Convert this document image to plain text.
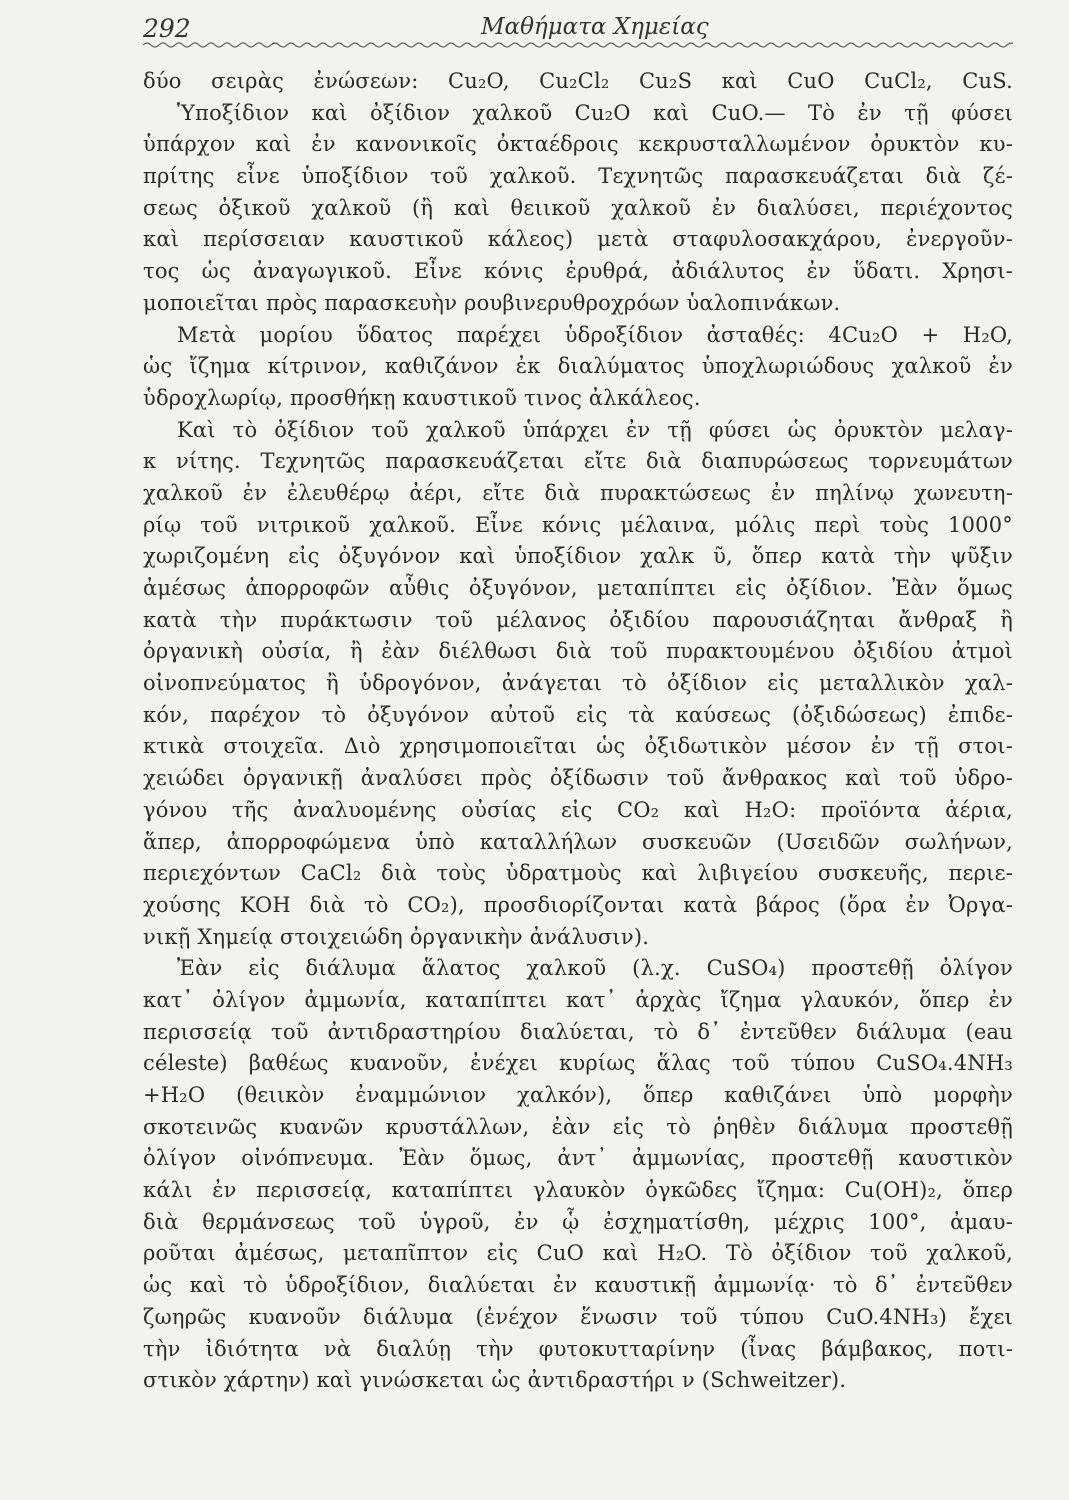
292	Μαθήματα Χημείας
δύο σειρὰς ἐνώσεων: Cu₂O, Cu₂Cl₂ Cu₂S καὶ CuO CuCl₂, CuS.
Ὑποξίδιον καὶ ὀξίδιον χαλκοῦ Cu₂O καὶ CuO.— Τὸ ἐν τῇ φύσει
ὑπάρχον καὶ ἐν κανονικοῖς ὀκταέδροις κεκρυσταλλωμένον ὀρυκτὸν κυ-
πρίτης εἶνε ὑποξίδιον τοῦ χαλκοῦ. Τεχνητῶς παρασκευάζεται διὰ ζέ-
σεως ὀξικοῦ χαλκοῦ (ἢ καὶ θειικοῦ χαλκοῦ ἐν διαλύσει, περιέχοντος
καὶ περίσσειαν καυστικοῦ κάλεος) μετὰ σταφυλοσακχάρου, ἐνεργοῦν-
τος ὡς ἀναγωγικοῦ. Εἶνε κόνις ἐρυθρά, ἀδιάλυτος ἐν ὕδατι. Χρησι-
μοποιεῖται πρὸς παρασκευὴν ρουβινερυθροχρόων ὑαλοπινάκων.
Μετὰ μορίου ὕδατος παρέχει ὑδροξίδιον ἀσταθές: 4Cu₂O + H₂O,
ὡς ἴζημα κίτρινον, καθιζάνον ἐκ διαλύματος ὑποχλωριώδους χαλκοῦ ἐν
ὑδροχλωρίῳ, προσθήκῃ καυστικοῦ τινος ἀλκάλεος.
Καὶ τὸ ὀξίδιον τοῦ χαλκοῦ ὑπάρχει ἐν τῇ φύσει ὡς ὀρυκτὸν μελαγ-
κ νίτης. Τεχνητῶς παρασκευάζεται εἴτε διὰ διαπυρώσεως τορνευμάτων
χαλκοῦ ἐν ἐλευθέρῳ ἀέρι, εἴτε διὰ πυρακτώσεως ἐν πηλίνῳ χωνευτη-
ρίῳ τοῦ νιτρικοῦ χαλκοῦ. Εἶνε κόνις μέλαινα, μόλις περὶ τοὺς 1000°
χωριζομένη εἰς ὀξυγόνον καὶ ὑποξίδιον χαλκ ῦ, ὅπερ κατὰ τὴν ψῦξιν
ἀμέσως ἀπορροφῶν αὖθις ὀξυγόνον, μεταπίπτει εἰς ὀξίδιον. Ἐὰν ὅμως
κατὰ τὴν πυράκτωσιν τοῦ μέλανος ὀξιδίου παρουσιάζηται ἄνθραξ ἢ
ὀργανικὴ οὐσία, ἢ ἐὰν διέλθωσι διὰ τοῦ πυρακτουμένου ὀξιδίου ἀτμοὶ
οἰνοπνεύματος ἢ ὑδρογόνον, ἀνάγεται τὸ ὀξίδιον εἰς μεταλλικὸν χαλ-
κόν, παρέχον τὸ ὀξυγόνον αὐτοῦ εἰς τὰ καύσεως (ὀξιδώσεως) ἐπιδε-
κτικὰ στοιχεῖα. Διὸ χρησιμοποιεῖται ὡς ὀξιδωτικὸν μέσον ἐν τῇ στοι-
χειώδει ὀργανικῇ ἀναλύσει πρὸς ὀξίδωσιν τοῦ ἄνθρακος καὶ τοῦ ὑδρο-
γόνου τῆς ἀναλυομένης οὐσίας εἰς CO₂ καὶ H₂O: προϊόντα ἀέρια,
ἅπερ, ἀπορροφώμενα ὑπὸ καταλλήλων συσκευῶν (Uσειδῶν σωλήνων,
περιεχόντων CaCl₂ διὰ τοὺς ὑδρατμοὺς καὶ λιβιγείου συσκευῆς, περιε-
χούσης KOH διὰ τὸ CO₂), προσδιορίζονται κατὰ βάρος (ὅρα ἐν Ὀργα-
νικῇ Χημείᾳ στοιχειώδη ὀργανικὴν ἀνάλυσιν).
Ἐὰν εἰς διάλυμα ἅλατος χαλκοῦ (λ.χ. CuSO₄) προστεθῇ ὀλίγον
κατ᾽ ὀλίγον ἀμμωνία, καταπίπτει κατ᾽ ἀρχὰς ἴζημα γλαυκόν, ὅπερ ἐν
περισσείᾳ τοῦ ἀντιδραστηρίου διαλύεται, τὸ δ᾽ ἐντεῦθεν διάλυμα (eau
céleste) βαθέως κυανοῦν, ἐνέχει κυρίως ἅλας τοῦ τύπου CuSO₄.4NH₃
+H₂O (θειικὸν ἐναμμώνιον χαλκόν), ὅπερ καθιζάνει ὑπὸ μορφὴν
σκοτεινῶς κυανῶν κρυστάλλων, ἐὰν εἰς τὸ ῥηθὲν διάλυμα προστεθῇ
ὀλίγον οἰνόπνευμα. Ἐὰν ὅμως, ἀντ᾽ ἀμμωνίας, προστεθῇ καυστικὸν
κάλι ἐν περισσείᾳ, καταπίπτει γλαυκὸν ὀγκῶδες ἴζημα: Cu(OH)₂, ὅπερ
διὰ θερμάνσεως τοῦ ὑγροῦ, ἐν ᾧ ἐσχηματίσθη, μέχρις 100°, ἀμαυ-
ροῦται ἀμέσως, μεταπῖπτον εἰς CuO καὶ H₂O. Τὸ ὀξίδιον τοῦ χαλκοῦ,
ὡς καὶ τὸ ὑδροξίδιον, διαλύεται ἐν καυστικῇ ἀμμωνίᾳ· τὸ δ᾽ ἐντεῦθεν
ζωηρῶς κυανοῦν διάλυμα (ἐνέχον ἕνωσιν τοῦ τύπου CuO.4NH₃) ἔχει
τὴν ἰδιότητα νὰ διαλύῃ τὴν φυτοκυτταρίνην (ἶνας βάμβακος, ποτι-
στικὸν χάρτην) καὶ γινώσκεται ὡς ἀντιδραστήρι ν (Schweitzer).
